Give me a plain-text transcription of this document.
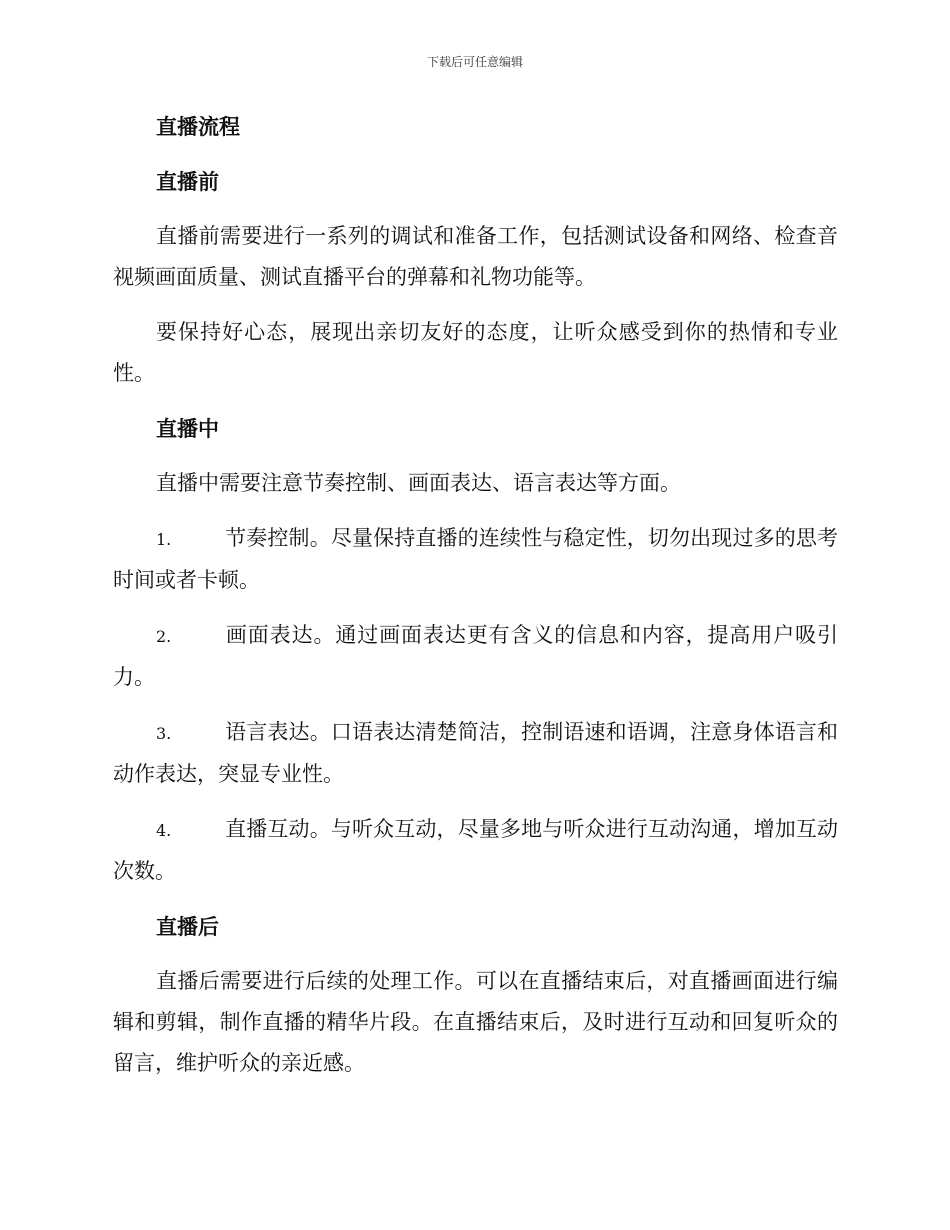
下载后可任意编辑
直播流程
直播前
直播前需要进行一系列的调试和准备工作，包括测试设备和网络、检查音视频画面质量、测试直播平台的弹幕和礼物功能等。
要保持好心态，展现出亲切友好的态度，让听众感受到你的热情和专业性。
直播中
直播中需要注意节奏控制、画面表达、语言表达等方面。
1.	节奏控制。尽量保持直播的连续性与稳定性，切勿出现过多的思考时间或者卡顿。
2.	画面表达。通过画面表达更有含义的信息和内容，提高用户吸引力。
3.	语言表达。口语表达清楚简洁，控制语速和语调，注意身体语言和动作表达，突显专业性。
4.	直播互动。与听众互动，尽量多地与听众进行互动沟通，增加互动次数。
直播后
直播后需要进行后续的处理工作。可以在直播结束后，对直播画面进行编辑和剪辑，制作直播的精华片段。在直播结束后，及时进行互动和回复听众的留言，维护听众的亲近感。
